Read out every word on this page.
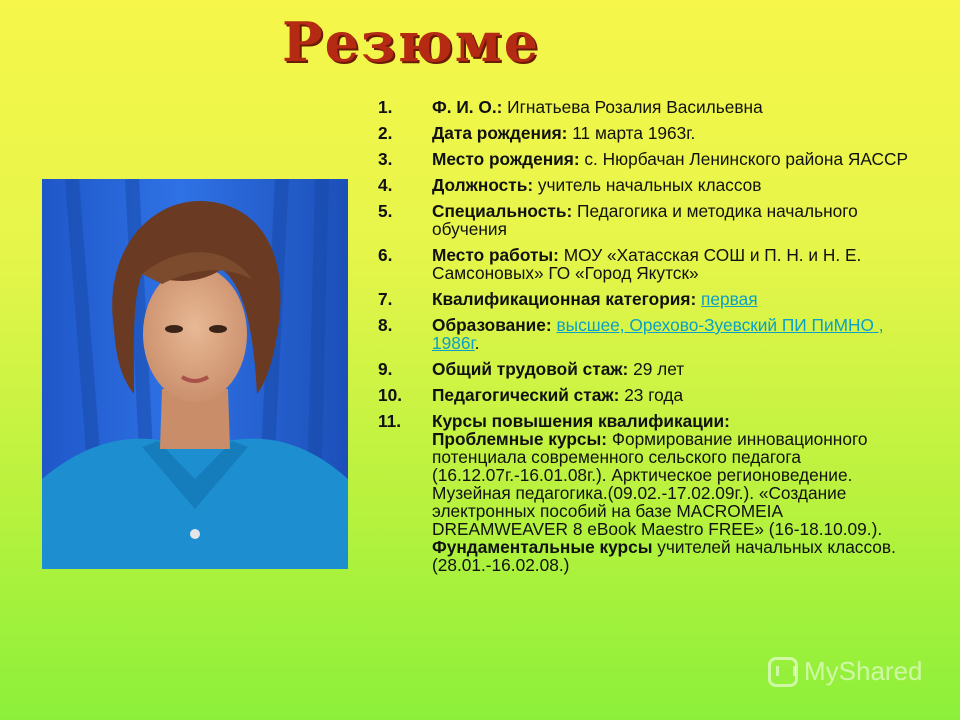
Резюме
1. Ф. И. О.: Игнатьева Розалия Васильевна
2. Дата рождения: 11 марта 1963г.
3. Место рождения: с. Нюрбачан Ленинского района ЯАССР
4. Должность: учитель начальных классов
5. Специальность: Педагогика и методика начального обучения
6. Место работы: МОУ «Хатасская СОШ и П. Н. и Н. Е. Самсоновых» ГО «Город Якутск»
7. Квалификационная категория: первая
8. Образование: высшее, Орехово-Зуевский ПИ ПиМНО , 1986г.
9. Общий трудовой стаж: 29 лет
10. Педагогический стаж: 23 года
11. Курсы повышения квалификации:
Проблемные курсы: Формирование инновационного потенциала современного сельского педагога (16.12.07г.-16.01.08г.). Арктическое регионоведение. Музейная педагогика.(09.02.-17.02.09г.). «Создание электронных пособий на базе MACROMEIA DREAMWEAVER 8 eBook Maestro FREE» (16-18.10.09.). Фундаментальные курсы учителей начальных классов. (28.01.-16.02.08.)
MyShared
